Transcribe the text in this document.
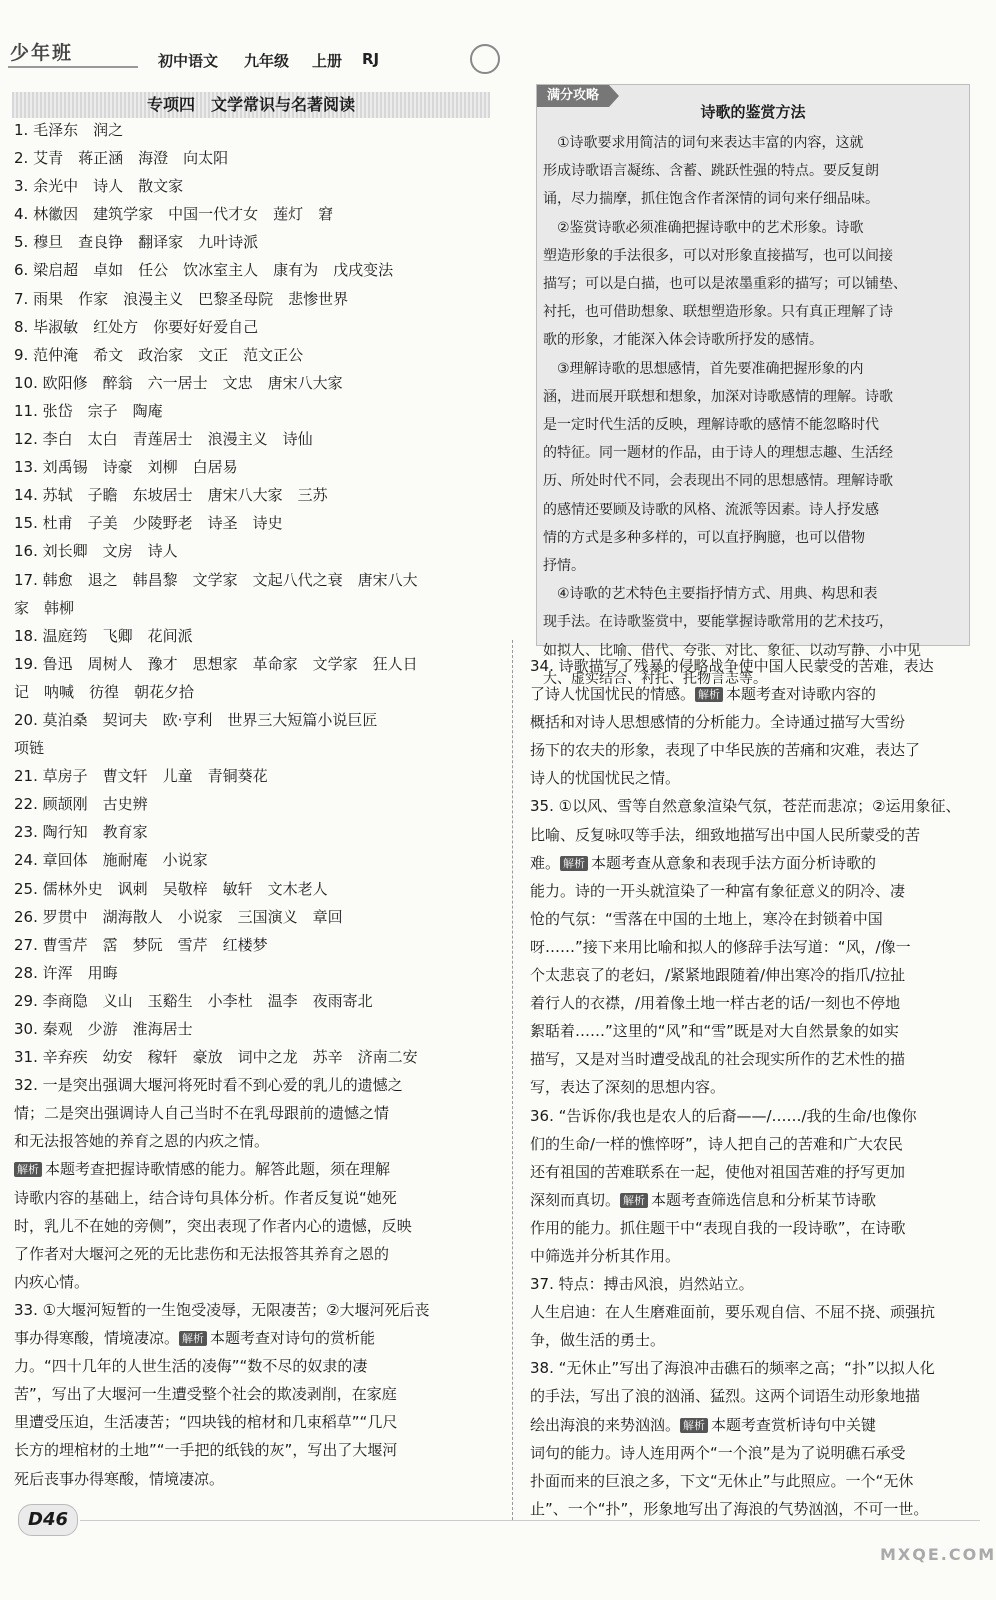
少年班	初中语文 九年级 上册 RJ
专项四　文学常识与名著阅读
1. 毛泽东　润之
2. 艾青　蒋正涵　海澄　向太阳
3. 余光中　诗人　散文家
4. 林徽因　建筑学家　中国一代才女　莲灯　窘
5. 穆旦　查良铮　翻译家　九叶诗派
6. 梁启超　卓如　任公　饮冰室主人　康有为　戊戌变法
7. 雨果　作家　浪漫主义　巴黎圣母院　悲惨世界
8. 毕淑敏　红处方　你要好好爱自己
9. 范仲淹　希文　政治家　文正　范文正公
10. 欧阳修　醉翁　六一居士　文忠　唐宋八大家
11. 张岱　宗子　陶庵
12. 李白　太白　青莲居士　浪漫主义　诗仙
13. 刘禹锡　诗豪　刘柳　白居易
14. 苏轼　子瞻　东坡居士　唐宋八大家　三苏
15. 杜甫　子美　少陵野老　诗圣　诗史
16. 刘长卿　文房　诗人
17. 韩愈　退之　韩昌黎　文学家　文起八代之衰　唐宋八大
家　韩柳
18. 温庭筠　飞卿　花间派
19. 鲁迅　周树人　豫才　思想家　革命家　文学家　狂人日
记　呐喊　彷徨　朝花夕拾
20. 莫泊桑　契诃夫　欧·亨利　世界三大短篇小说巨匠
项链
21. 草房子　曹文轩　儿童　青铜葵花
22. 顾颉刚　古史辨
23. 陶行知　教育家
24. 章回体　施耐庵　小说家
25. 儒林外史　讽刺　吴敬梓　敏轩　文木老人
26. 罗贯中　湖海散人　小说家　三国演义　章回
27. 曹雪芹　霑　梦阮　雪芹　红楼梦
28. 许浑　用晦
29. 李商隐　义山　玉谿生　小李杜　温李　夜雨寄北
30. 秦观　少游　淮海居士
31. 辛弃疾　幼安　稼轩　豪放　词中之龙　苏辛　济南二安
32. 一是突出强调大堰河将死时看不到心爱的乳儿的遗憾之
情；二是突出强调诗人自己当时不在乳母跟前的遗憾之情
和无法报答她的养育之恩的内疚之情。
解析 本题考查把握诗歌情感的能力。解答此题，须在理解
诗歌内容的基础上，结合诗句具体分析。作者反复说“她死
时，乳儿不在她的旁侧”，突出表现了作者内心的遗憾，反映
了作者对大堰河之死的无比悲伤和无法报答其养育之恩的
内疚心情。
33. ①大堰河短暂的一生饱受凌辱，无限凄苦；②大堰河死后丧
事办得寒酸，情境凄凉。 解析 本题考查对诗句的赏析能
力。“四十几年的人世生活的凌侮”“数不尽的奴隶的凄
苦”，写出了大堰河一生遭受整个社会的欺凌剥削，在家庭
里遭受压迫，生活凄苦；“四块钱的棺材和几束稻草”“几尺
长方的埋棺材的土地”“一手把的纸钱的灰”，写出了大堰河
死后丧事办得寒酸，情境凄凉。
满分攻略
诗歌的鉴赏方法
　①诗歌要求用简洁的词句来表达丰富的内容，这就
形成诗歌语言凝练、含蓄、跳跃性强的特点。要反复朗
诵，尽力揣摩，抓住饱含作者深情的词句来仔细品味。
　②鉴赏诗歌必须准确把握诗歌中的艺术形象。诗歌
塑造形象的手法很多，可以对形象直接描写，也可以间接
描写；可以是白描，也可以是浓墨重彩的描写；可以铺垫、
衬托，也可借助想象、联想塑造形象。只有真正理解了诗
歌的形象，才能深入体会诗歌所抒发的感情。
　③理解诗歌的思想感情，首先要准确把握形象的内
涵，进而展开联想和想象，加深对诗歌感情的理解。诗歌
是一定时代生活的反映，理解诗歌的感情不能忽略时代
的特征。同一题材的作品，由于诗人的理想志趣、生活经
历、所处时代不同，会表现出不同的思想感情。理解诗歌
的感情还要顾及诗歌的风格、流派等因素。诗人抒发感
情的方式是多种多样的，可以直抒胸臆，也可以借物
抒情。
　④诗歌的艺术特色主要指抒情方式、用典、构思和表
现手法。在诗歌鉴赏中，要能掌握诗歌常用的艺术技巧，
如拟人、比喻、借代、夸张、对比、象征、以动写静、小中见
大、虚实结合、衬托、托物言志等。
34. 诗歌描写了残暴的侵略战争使中国人民蒙受的苦难，表达
了诗人忧国忧民的情感。 解析 本题考查对诗歌内容的
概括和对诗人思想感情的分析能力。全诗通过描写大雪纷
扬下的农夫的形象，表现了中华民族的苦痛和灾难，表达了
诗人的忧国忧民之情。
35. ①以风、雪等自然意象渲染气氛，苍茫而悲凉；②运用象征、
比喻、反复咏叹等手法，细致地描写出中国人民所蒙受的苦
难。 解析 本题考查从意象和表现手法方面分析诗歌的
能力。诗的一开头就渲染了一种富有象征意义的阴冷、凄
怆的气氛：“雪落在中国的土地上，寒冷在封锁着中国
呀……”接下来用比喻和拟人的修辞手法写道：“风，/像一
个太悲哀了的老妇，/紧紧地跟随着/伸出寒冷的指爪/拉扯
着行人的衣襟，/用着像土地一样古老的话/一刻也不停地
絮聒着……”这里的“风”和“雪”既是对大自然景象的如实
描写，又是对当时遭受战乱的社会现实所作的艺术性的描
写，表达了深刻的思想内容。
36. “告诉你/我也是农人的后裔——/……/我的生命/也像你
们的生命/一样的憔悴呀”，诗人把自己的苦难和广大农民
还有祖国的苦难联系在一起，使他对祖国苦难的抒写更加
深刻而真切。 解析 本题考查筛选信息和分析某节诗歌
作用的能力。抓住题干中“表现自我的一段诗歌”，在诗歌
中筛选并分析其作用。
37. 特点：搏击风浪，岿然站立。
人生启迪：在人生磨难面前，要乐观自信、不屈不挠、顽强抗
争，做生活的勇士。
38. “无休止”写出了海浪冲击礁石的频率之高；“扑”以拟人化
的手法，写出了浪的汹涌、猛烈。这两个词语生动形象地描
绘出海浪的来势汹汹。 解析 本题考查赏析诗句中关键
词句的能力。诗人连用两个“一个浪”是为了说明礁石承受
扑面而来的巨浪之多，下文“无休止”与此照应。一个“无休
止”、一个“扑”，形象地写出了海浪的气势汹汹，不可一世。
D46
MXQE.COM
